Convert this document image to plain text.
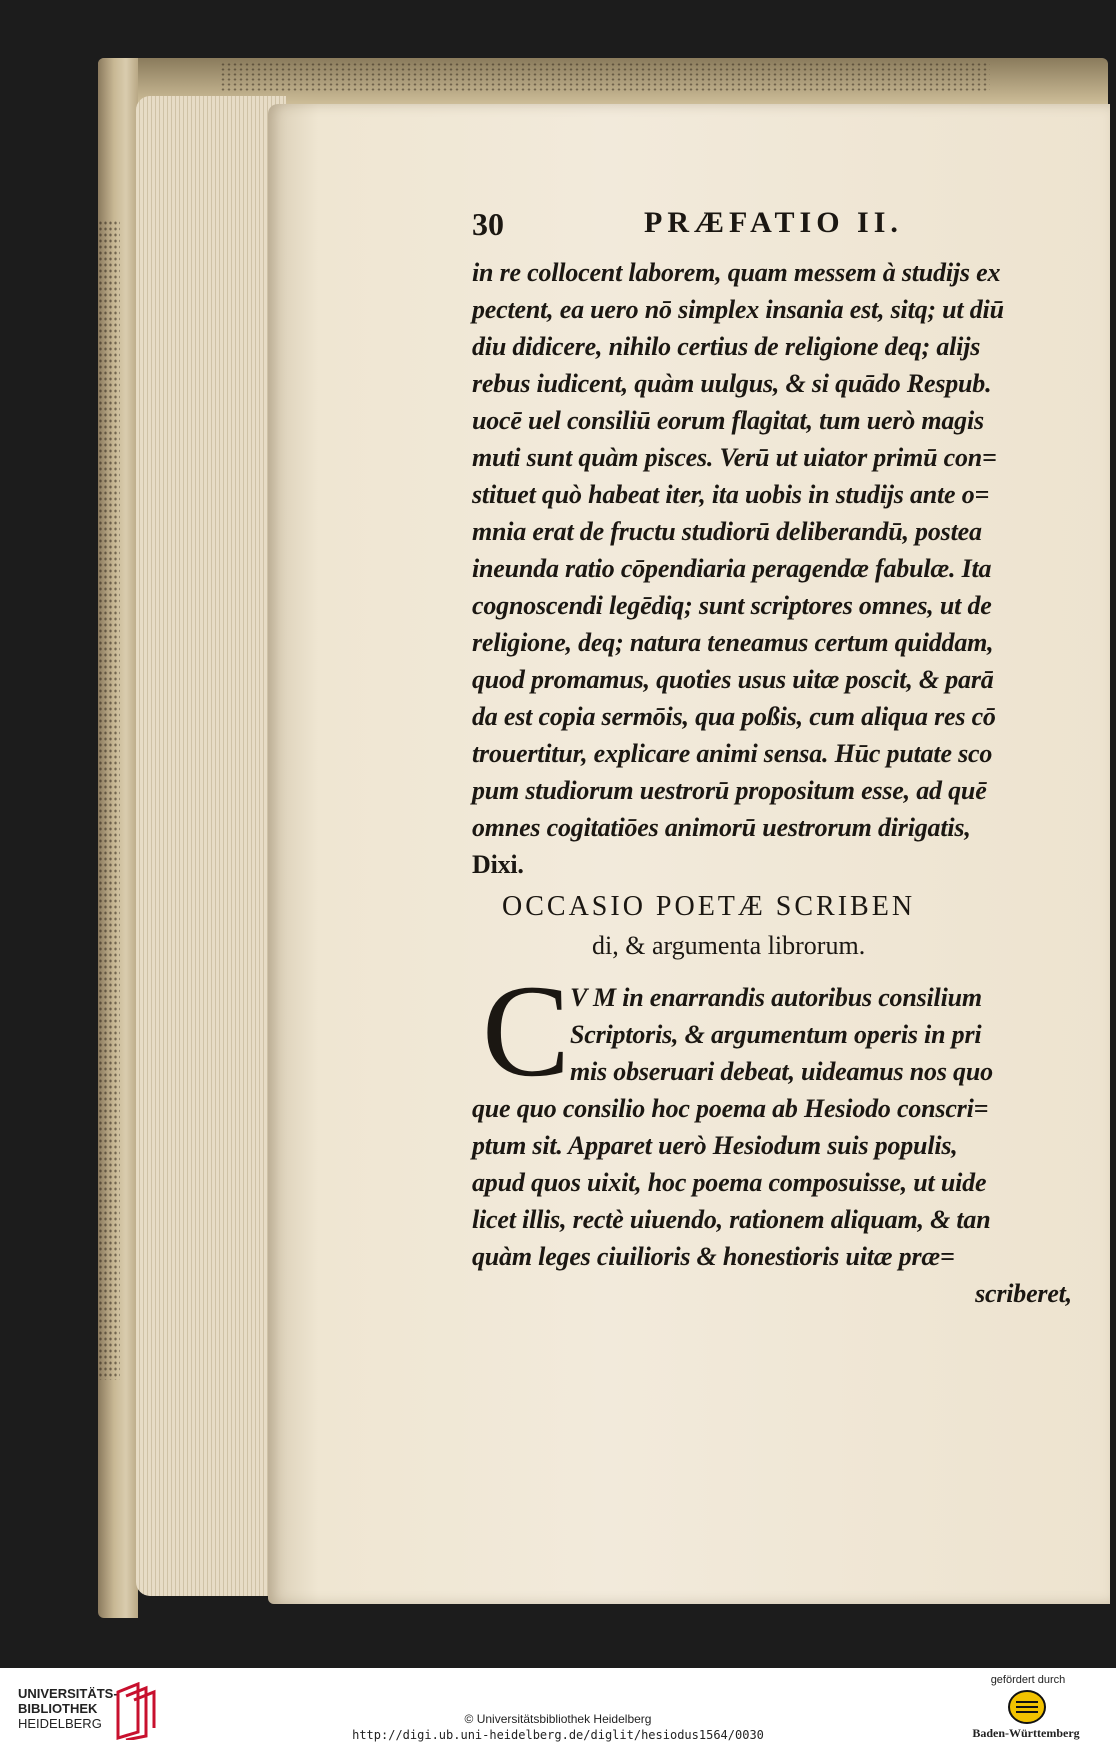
30	PRÆFATIO II.
in re collocent laborem, quam messem à studijs ex
pectent, ea uero nō simplex insania est, sitq; ut diū
diu didicere, nihilo certius de religione deq; alijs
rebus iudicent, quàm uulgus, & si quādo Respub.
uocē uel consiliū eorum flagitat, tum uerò magis
muti sunt quàm pisces. Verū ut uiator primū con=
stituet quò habeat iter, ita uobis in studijs ante o=
mnia erat de fructu studiorū deliberandū, postea
ineunda ratio cōpendiaria peragendæ fabulæ. Ita
cognoscendi legēdiq; sunt scriptores omnes, ut de
religione, deq; natura teneamus certum quiddam,
quod promamus, quoties usus uitæ poscit, & parā
da est copia sermōis, qua poßis, cum aliqua res cō
trouertitur, explicare animi sensa. Hūc putate sco
pum studiorum uestrorū propositum esse, ad quē
omnes cogitatiōes animorū uestrorum dirigatis,
Dixi.
OCCASIO POETÆ SCRIBEN
di, & argumenta librorum.
C V M in enarrandis autoribus consilium
Scriptoris, & argumentum operis in pri
mis obseruari debeat, uideamus nos quo
que quo consilio hoc poema ab Hesiodo conscri=
ptum sit. Apparet uerò Hesiodum suis populis,
apud quos uixit, hoc poema composuisse, ut uide
licet illis, rectè uiuendo, rationem aliquam, & tan
quàm leges ciuilioris & honestioris uitæ præ=
scriberet,
UNIVERSITÄTS-
BIBLIOTHEK
HEIDELBERG	© Universitätsbibliothek Heidelberg
http://digi.ub.uni-heidelberg.de/diglit/hesiodus1564/0030
gefördert durch
Baden-Württemberg
